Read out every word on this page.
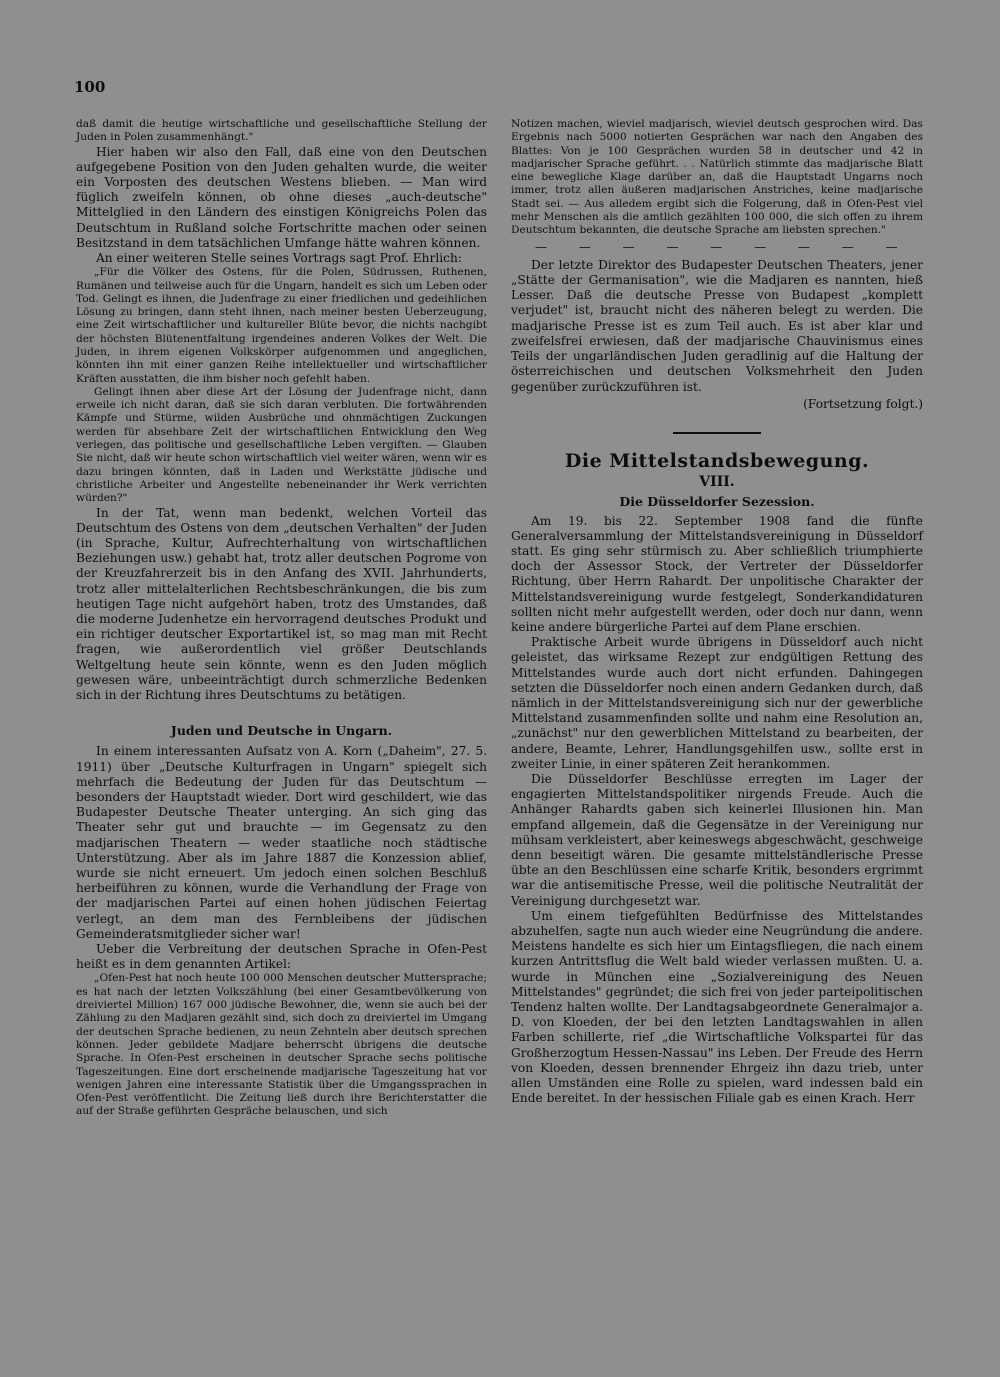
100

daß damit die heutige wirtschaftliche und gesellschaftliche Stellung der Juden in Polen zusammenhängt."

Hier haben wir also den Fall, daß eine von den Deutschen aufgegebene Position von den Juden gehalten wurde, die weiter ein Vorposten des deutschen Westens blieben. — Man wird füglich zweifeln können, ob ohne dieses „auch-deutsche" Mittelglied in den Ländern des einstigen Königreichs Polen das Deutschtum in Rußland solche Fortschritte machen oder seinen Besitzstand in dem tatsächlichen Umfange hätte wahren können.

An einer weiteren Stelle seines Vortrags sagt Prof. Ehrlich:

„Für die Völker des Ostens, für die Polen, Südrussen, Ruthenen, Rumänen und teilweise auch für die Ungarn, handelt es sich um Leben oder Tod. Gelingt es ihnen, die Judenfrage zu einer friedlichen und gedeihlichen Lösung zu bringen, dann steht ihnen, nach meiner besten Ueberzeugung, eine Zeit wirtschaftlicher und kultureller Blüte bevor, die nichts nachgibt der höchsten Blütenentfaltung irgendeines anderen Volkes der Welt. Die Juden, in ihrem eigenen Volkskörper aufgenommen und angeglichen, könnten ihn mit einer ganzen Reihe intellektueller und wirtschaftlicher Kräften ausstatten, die ihm bisher noch gefehlt haben.

Gelingt ihnen aber diese Art der Lösung der Judenfrage nicht, dann erweile ich nicht daran, daß sie sich daran verbluten. Die fortwährenden Kämpfe und Stürme, wilden Ausbrüche und ohnmächtigen Zuckungen werden für absehbare Zeit der wirtschaftlichen Entwicklung den Weg verlegen, das politische und gesellschaftliche Leben vergiften. — Glauben Sie nicht, daß wir heute schon wirtschaftlich viel weiter wären, wenn wir es dazu bringen könnten, daß in Laden und Werkstätte jüdische und christliche Arbeiter und Angestellte nebeneinander ihr Werk verrichten würden?"

In der Tat, wenn man bedenkt, welchen Vorteil das Deutschtum des Ostens von dem „deutschen Verhalten" der Juden (in Sprache, Kultur, Aufrechterhaltung von wirtschaftlichen Beziehungen usw.) gehabt hat, trotz aller deutschen Pogrome von der Kreuzfahrerzeit bis in den Anfang des XVII. Jahrhunderts, trotz aller mittelalterlichen Rechtsbeschränkungen, die bis zum heutigen Tage nicht aufgehört haben, trotz des Umstandes, daß die moderne Judenhetze ein hervorragend deutsches Produkt und ein richtiger deutscher Exportartikel ist, so mag man mit Recht fragen, wie außerordentlich viel größer Deutschlands Weltgeltung heute sein könnte, wenn es den Juden möglich gewesen wäre, unbeeinträchtigt durch schmerzliche Bedenken sich in der Richtung ihres Deutschtums zu betätigen.

Juden und Deutsche in Ungarn.

In einem interessanten Aufsatz von A. Korn („Daheim", 27. 5. 1911) über „Deutsche Kulturfragen in Ungarn" spiegelt sich mehrfach die Bedeutung der Juden für das Deutschtum — besonders der Hauptstadt wieder. Dort wird geschildert, wie das Budapester Deutsche Theater unterging. An sich ging das Theater sehr gut und brauchte — im Gegensatz zu den madjarischen Theatern — weder staatliche noch städtische Unterstützung. Aber als im Jahre 1887 die Konzession ablief, wurde sie nicht erneuert. Um jedoch einen solchen Beschluß herbeiführen zu können, wurde die Verhandlung der Frage von der madjarischen Partei auf einen hohen jüdischen Feiertag verlegt, an dem man des Fernbleibens der jüdischen Gemeinderatsmitglieder sicher war!

Ueber die Verbreitung der deutschen Sprache in Ofen-Pest heißt es in dem genannten Artikel:

„Ofen-Pest hat noch heute 100 000 Menschen deutscher Muttersprache; es hat nach der letzten Volkszählung (bei einer Gesamtbevölkerung von dreiviertel Million) 167 000 jüdische Bewohner, die, wenn sie auch bei der Zählung zu den Madjaren gezählt sind, sich doch zu dreiviertel im Umgang der deutschen Sprache bedienen, zu neun Zehnteln aber deutsch sprechen können. Jeder gebildete Madjare beherrscht übrigens die deutsche Sprache. In Ofen-Pest erscheinen in deutscher Sprache sechs politische Tageszeitungen. Eine dort erscheinende madjarische Tageszeitung hat vor wenigen Jahren eine interessante Statistik über die Umgangssprachen in Ofen-Pest veröffentlicht. Die Zeitung ließ durch ihre Berichterstatter die auf der Straße geführten Gespräche belauschen, und sich

Notizen machen, wieviel madjarisch, wieviel deutsch gesprochen wird. Das Ergebnis nach 5000 notierten Gesprächen war nach den Angaben des Blattes: Von je 100 Gesprächen wurden 58 in deutscher und 42 in madjarischer Sprache geführt. . . Natürlich stimmte das madjarische Blatt eine bewegliche Klage darüber an, daß die Hauptstadt Ungarns noch immer, trotz allen äußeren madjarischen Anstriches, keine madjarische Stadt sei. — Aus alledem ergibt sich die Folgerung, daß in Ofen-Pest viel mehr Menschen als die amtlich gezählten 100 000, die sich offen zu ihrem Deutschtum bekannten, die deutsche Sprache am liebsten sprechen."

— — — — — — — — —

Der letzte Direktor des Budapester Deutschen Theaters, jener „Stätte der Germanisation", wie die Madjaren es nannten, hieß Lesser. Daß die deutsche Presse von Budapest „komplett verjudet" ist, braucht nicht des näheren belegt zu werden. Die madjarische Presse ist es zum Teil auch. Es ist aber klar und zweifelsfrei erwiesen, daß der madjarische Chauvinismus eines Teils der ungarländischen Juden geradlinig auf die Haltung der österreichischen und deutschen Volksmehrheit den Juden gegenüber zurückzuführen ist.

(Fortsetzung folgt.)

Die Mittelstandsbewegung.
VIII.
Die Düsseldorfer Sezession.

Am 19. bis 22. September 1908 fand die fünfte Generalversammlung der Mittelstandsvereinigung in Düsseldorf statt. Es ging sehr stürmisch zu. Aber schließlich triumphierte doch der Assessor Stock, der Vertreter der Düsseldorfer Richtung, über Herrn Rahardt. Der unpolitische Charakter der Mittelstandsvereinigung wurde festgelegt, Sonderkandidaturen sollten nicht mehr aufgestellt werden, oder doch nur dann, wenn keine andere bürgerliche Partei auf dem Plane erschien.

Praktische Arbeit wurde übrigens in Düsseldorf auch nicht geleistet, das wirksame Rezept zur endgültigen Rettung des Mittelstandes wurde auch dort nicht erfunden. Dahingegen setzten die Düsseldorfer noch einen andern Gedanken durch, daß nämlich in der Mittelstandsvereinigung sich nur der gewerbliche Mittelstand zusammenfinden sollte und nahm eine Resolution an, „zunächst" nur den gewerblichen Mittelstand zu bearbeiten, der andere, Beamte, Lehrer, Handlungsgehilfen usw., sollte erst in zweiter Linie, in einer späteren Zeit herankommen.

Die Düsseldorfer Beschlüsse erregten im Lager der engagierten Mittelstandspolitiker nirgends Freude. Auch die Anhänger Rahardts gaben sich keinerlei Illusionen hin. Man empfand allgemein, daß die Gegensätze in der Vereinigung nur mühsam verkleistert, aber keineswegs abgeschwächt, geschweige denn beseitigt wären. Die gesamte mittelständlerische Presse übte an den Beschlüssen eine scharfe Kritik, besonders ergrimmt war die antisemitische Presse, weil die politische Neutralität der Vereinigung durchgesetzt war.

Um einem tiefgefühlten Bedürfnisse des Mittelstandes abzuhelfen, sagte nun auch wieder eine Neugründung die andere. Meistens handelte es sich hier um Eintagsfliegen, die nach einem kurzen Antrittsflug die Welt bald wieder verlassen mußten. U. a. wurde in München eine „Sozialvereinigung des Neuen Mittelstandes" gegründet; die sich frei von jeder parteipolitischen Tendenz halten wollte. Der Landtagsabgeordnete Generalmajor a. D. von Kloeden, der bei den letzten Landtagswahlen in allen Farben schillerte, rief „die Wirtschaftliche Volkspartei für das Großherzogtum Hessen-Nassau" ins Leben. Der Freude des Herrn von Kloeden, dessen brennender Ehrgeiz ihn dazu trieb, unter allen Umständen eine Rolle zu spielen, ward indessen bald ein Ende bereitet. In der hessischen Filiale gab es einen Krach. Herr
